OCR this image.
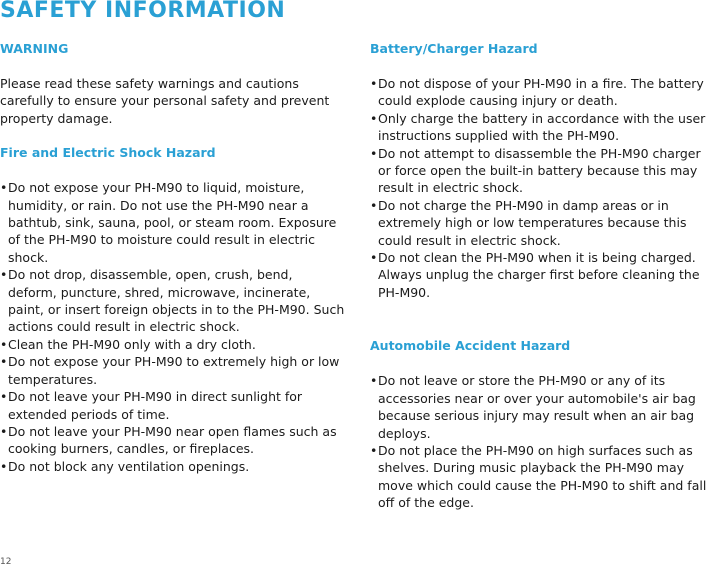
SAFETY INFORMATION
WARNING

Please read these safety warnings and cautions carefully to ensure your personal safety and prevent property damage.

Fire and Electric Shock Hazard
• Do not expose your PH-M90 to liquid, moisture, humidity, or rain. Do not use the PH-M90 near a bathtub, sink, sauna, pool, or steam room. Exposure of the PH-M90 to moisture could result in electric shock.
• Do not drop, disassemble, open, crush, bend, deform, puncture, shred, microwave, incinerate, paint, or insert foreign objects in to the PH-M90. Such actions could result in electric shock.
• Clean the PH-M90 only with a dry cloth.
• Do not expose your PH-M90 to extremely high or low temperatures.
• Do not leave your PH-M90 in direct sunlight for extended periods of time.
• Do not leave your PH-M90 near open flames such as cooking burners, candles, or fireplaces.
• Do not block any ventilation openings.
Battery/Charger Hazard
• Do not dispose of your PH-M90 in a fire. The battery could explode causing injury or death.
• Only charge the battery in accordance with the user instructions supplied with the PH-M90.
• Do not attempt to disassemble the PH-M90 charger or force open the built-in battery because this may result in electric shock.
• Do not charge the PH-M90 in damp areas or in extremely high or low temperatures because this could result in electric shock.
• Do not clean the PH-M90 when it is being charged. Always unplug the charger first before cleaning the PH-M90.
Automobile Accident Hazard
• Do not leave or store the PH-M90 or any of its accessories near or over your automobile's air bag because serious injury may result when an air bag deploys.
• Do not place the PH-M90 on high surfaces such as shelves. During music playback the PH-M90 may move which could cause the PH-M90 to shift and fall off of the edge.
12
